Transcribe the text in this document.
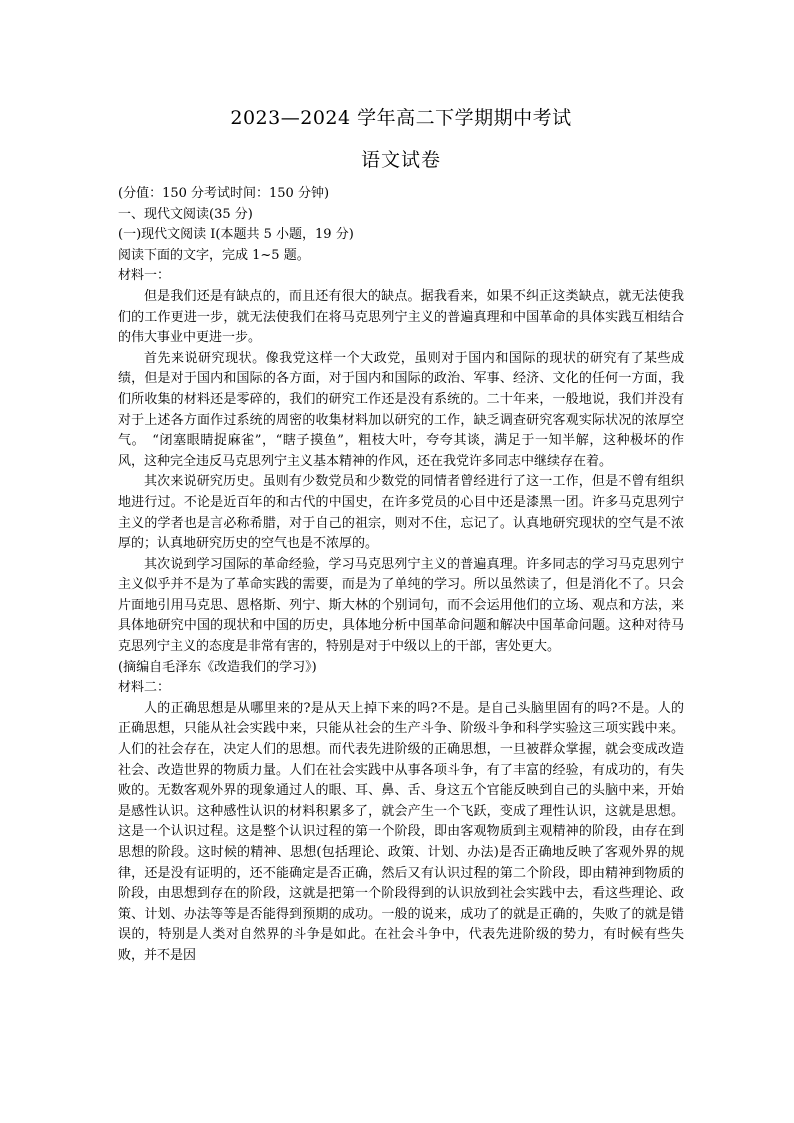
2023—2024 学年高二下学期期中考试
语文试卷

(分值：150 分考试时间：150 分钟)

一、现代文阅读(35 分)

(一)现代文阅读 I(本题共 5 小题，19 分)

阅读下面的文字，完成 1~5 题。

材料一：

但是我们还是有缺点的，而且还有很大的缺点。据我看来，如果不纠正这类缺点，就无法使我们的工作更进一步，就无法使我们在将马克思列宁主义的普遍真理和中国革命的具体实践互相结合的伟大事业中更进一步。

首先来说研究现状。像我党这样一个大政党，虽则对于国内和国际的现状的研究有了某些成绩，但是对于国内和国际的各方面，对于国内和国际的政治、军事、经济、文化的任何一方面，我们所收集的材料还是零碎的，我们的研究工作还是没有系统的。二十年来，一般地说，我们并没有对于上述各方面作过系统的周密的收集材料加以研究的工作，缺乏调查研究客观实际状况的浓厚空气。　“闭塞眼睛捉麻雀”，“瞎子摸鱼”，粗枝大叶，夸夸其谈，满足于一知半解，这种极坏的作风，这种完全违反马克思列宁主义基本精神的作风，还在我党许多同志中继续存在着。

其次来说研究历史。虽则有少数党员和少数党的同情者曾经进行了这一工作，但是不曾有组织地进行过。不论是近百年的和古代的中国史，在许多党员的心目中还是漆黑一团。许多马克思列宁主义的学者也是言必称希腊，对于自己的祖宗，则对不住，忘记了。认真地研究现状的空气是不浓厚的；认真地研究历史的空气也是不浓厚的。

其次说到学习国际的革命经验，学习马克思列宁主义的普遍真理。许多同志的学习马克思列宁主义似乎并不是为了革命实践的需要，而是为了单纯的学习。所以虽然读了，但是消化不了。只会片面地引用马克思、恩格斯、列宁、斯大林的个别词句，而不会运用他们的立场、观点和方法，来具体地研究中国的现状和中国的历史，具体地分析中国革命问题和解决中国革命问题。这种对待马克思列宁主义的态度是非常有害的，特别是对于中级以上的干部，害处更大。

(摘编自毛泽东《改造我们的学习》)

材料二：

人的正确思想是从哪里来的?是从天上掉下来的吗?不是。是自己头脑里固有的吗?不是。人的正确思想，只能从社会实践中来，只能从社会的生产斗争、阶级斗争和科学实验这三项实践中来。人们的社会存在，决定人们的思想。而代表先进阶级的正确思想，一旦被群众掌握，就会变成改造社会、改造世界的物质力量。人们在社会实践中从事各项斗争，有了丰富的经验，有成功的，有失败的。无数客观外界的现象通过人的眼、耳、鼻、舌、身这五个官能反映到自己的头脑中来，开始是感性认识。这种感性认识的材料积累多了，就会产生一个飞跃，变成了理性认识，这就是思想。这是一个认识过程。这是整个认识过程的第一个阶段，即由客观物质到主观精神的阶段，由存在到思想的阶段。这时候的精神、思想(包括理论、政策、计划、办法)是否正确地反映了客观外界的规律，还是没有证明的，还不能确定是否正确，然后又有认识过程的第二个阶段，即由精神到物质的阶段，由思想到存在的阶段，这就是把第一个阶段得到的认识放到社会实践中去，看这些理论、政策、计划、办法等等是否能得到预期的成功。一般的说来，成功了的就是正确的，失败了的就是错误的，特别是人类对自然界的斗争是如此。在社会斗争中，代表先进阶级的势力，有时候有些失败，并不是因
